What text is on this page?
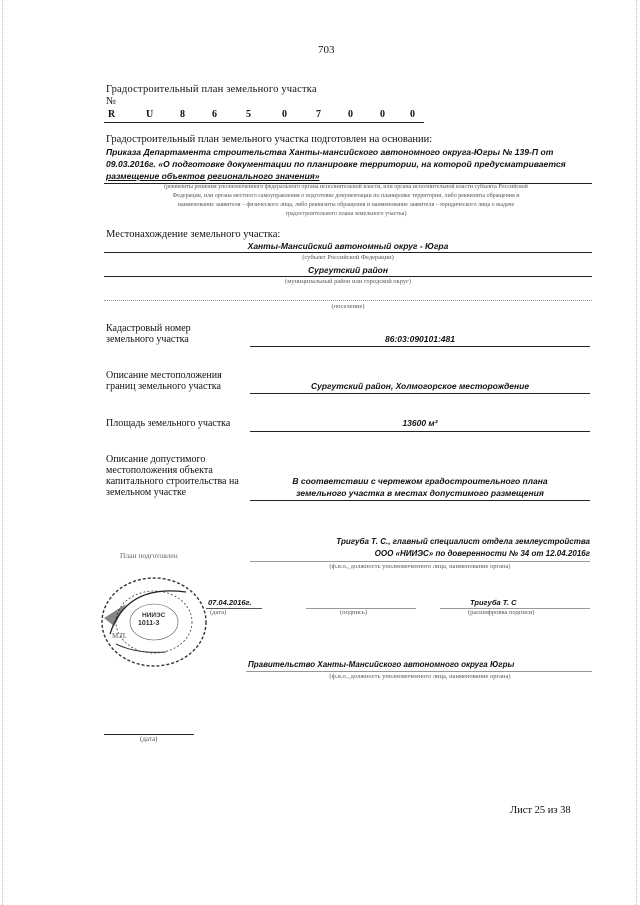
703
Градостроительный план земельного участка
№
R	U	8	6	5	0	7	0	0	0
Градостроительный план земельного участка подготовлен на основании:
Приказа Департамента строительства Ханты-мансийского автономного округа-Югры № 139-П от
09.03.2016г. «О подготовке документации по планировке территории, на которой предусматривается
размещение объектов регионального значения»
(реквизиты решения уполномоченного федерального органа исполнительной власти, или органа исполнительной власти субъекта Российской
Федерации, или органа местного самоуправления о подготовке документации по планировке территории, либо реквизиты обращения и
наименование заявителя – физического лица, либо реквизиты обращения и наименование заявителя – юридического лица о выдаче
градостроительного плана земельного участка)
Местонахождение земельного участка:
Ханты-Мансийский автономный округ - Югра
(субъект Российской Федерации)
Сургутский район
(муниципальный район или городской округ)
(поселение)
Кадастровый номер земельного участка	86:03:090101:481
Описание местоположения границ земельного участка	Сургутский район, Холмогорское месторождение
Площадь земельного участка	13600 м²
Описание допустимого местоположения объекта капитального строительства на земельном участке
В соответствии с чертежом градостроительного плана
земельного участка в местах допустимого размещения
План подготовлен
Тригуба Т. С., главный специалист отдела землеустройства
ООО «НИИЭС» по доверенности № 34 от 12.04.2016г
(ф.и.о., должность уполномоченного лица, наименование органа)
НИИЭС
1011-3
М.П.
07.04.2016г.
(дата)	(подпись)
Тригуба Т. С
(расшифровка подписи)
Правительство Ханты-Мансийского автономного округа Югры
(ф.и.о., должность уполномоченного лица, наименование органа)
(дата)
Лист 25 из 38
